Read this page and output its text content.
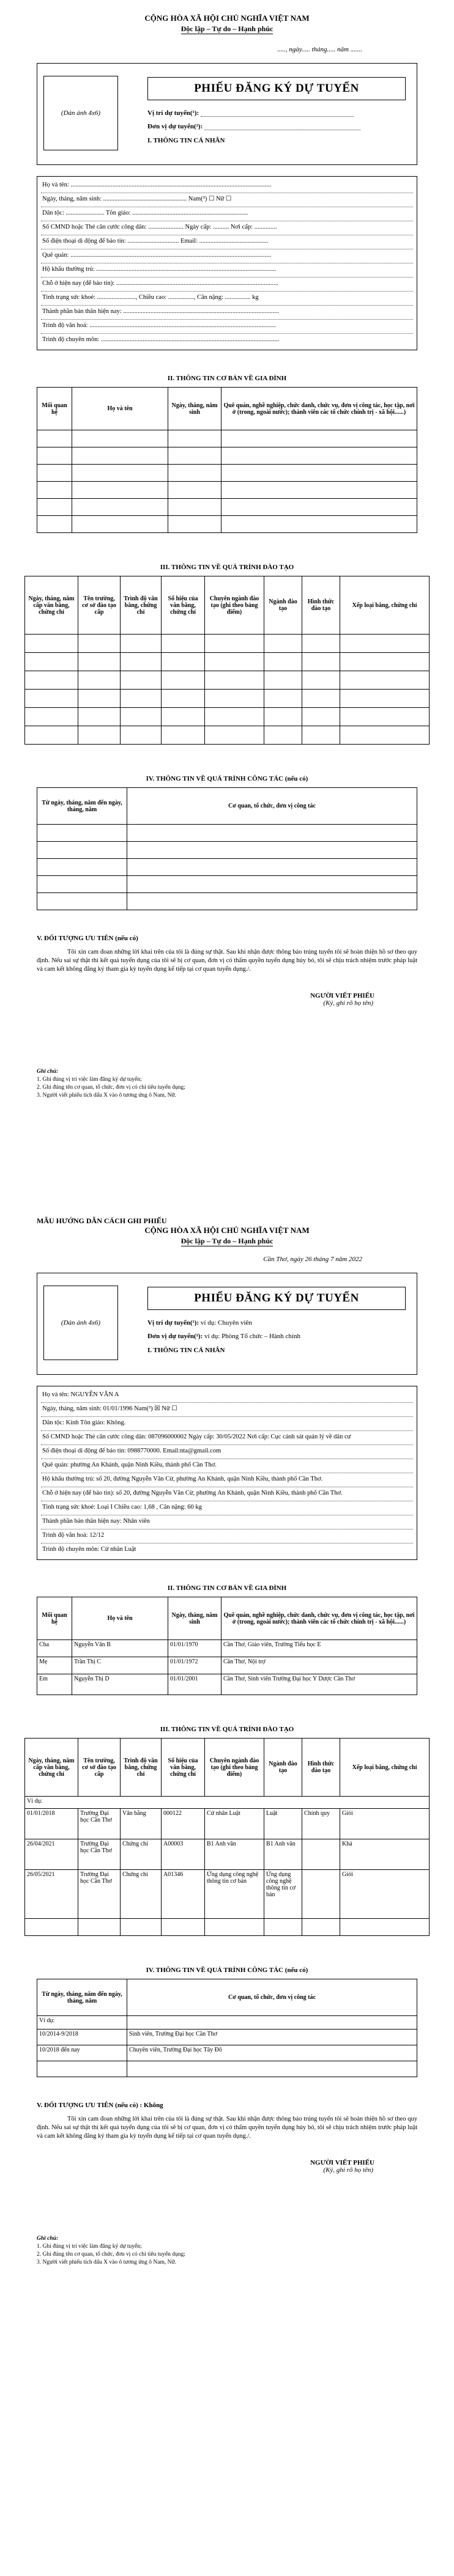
CỘNG HÒA XÃ HỘI CHỦ NGHĨA VIỆT NAM
Độc lập – Tự do – Hạnh phúc
....., ngày..... tháng..... năm .......
(Dán ảnh 4x6)
PHIẾU ĐĂNG KÝ DỰ TUYỂN
Vị trí dự tuyển(¹):
Đơn vị dự tuyển(²):
I. THÔNG TIN CÁ NHÂN
Họ và tên: .............................................................................................................................
Ngày, tháng, năm sinh: .................................................... Nam(³) ☐ Nữ ☐
Dân tộc: ........................ Tôn giáo: ........................................................................
Số CMND hoặc Thẻ căn cước công dân: ...................... Ngày cấp: .......... Nơi cấp: ..............
Số điện thoại di động để báo tin: ................................ Email: ...........................................
Quê quán: .............................................................................................................................
Hộ khẩu thường trú: ................................................................................................................
Chỗ ở hiện nay (để báo tin): .....................................................................................................
Tình trạng sức khoẻ: ........................, Chiều cao: ................, Cân nặng: ................ kg
Thành phần bản thân hiện nay: .................................................................................................
Trình độ văn hoá: ....................................................................................................................
Trình độ chuyên môn: ...............................................................................................................
II. THÔNG TIN CƠ BẢN VỀ GIA ĐÌNH
Mối quan hệ	Họ và tên	Ngày, tháng, năm sinh	Quê quán, nghề nghiệp, chức danh, chức vụ, đơn vị công tác, học tập, nơi ở (trong, ngoài nước); thành viên các tổ chức chính trị - xã hội......)

III. THÔNG TIN VỀ QUÁ TRÌNH ĐÀO TẠO
Ngày, tháng, năm cấp văn bằng, chứng chỉ	Tên trường, cơ sở đào tạo cấp	Trình độ văn bằng, chứng chỉ	Số hiệu của văn bằng, chứng chỉ	Chuyên ngành đào tạo (ghi theo bảng điểm)	Ngành đào tạo	Hình thức đào tạo	Xếp loại bằng, chứng chỉ

IV. THÔNG TIN VỀ QUÁ TRÌNH CÔNG TÁC (nếu có)
Từ ngày, tháng, năm đến ngày, tháng, năm	Cơ quan, tổ chức, đơn vị công tác

V. ĐỐI TƯỢNG ƯU TIÊN (nếu có)
Tôi xin cam đoan những lời khai trên của tôi là đúng sự thật. Sau khi nhận được thông báo trúng tuyển tôi sẽ hoàn thiện hồ sơ theo quy định. Nếu sai sự thật thì kết quả tuyển dụng của tôi sẽ bị cơ quan, đơn vị có thẩm quyền tuyển dụng hủy bỏ, tôi sẽ chịu trách nhiệm trước pháp luật và cam kết không đăng ký tham gia kỳ tuyển dụng kế tiếp tại cơ quan tuyển dụng./.
NGƯỜI VIẾT PHIẾU
(Ký, ghi rõ họ tên)
Ghi chú:
1. Ghi đúng vị trí việc làm đăng ký dự tuyển;
2. Ghi đúng tên cơ quan, tổ chức, đơn vị có chỉ tiêu tuyển dụng;
3. Người viết phiếu tích dấu X vào ô tương ứng ô Nam, Nữ.
MẪU HƯỚNG DẪN CÁCH GHI PHIẾU
CỘNG HÒA XÃ HỘI CHỦ NGHĨA VIỆT NAM
Độc lập – Tự do – Hạnh phúc
Cần Thơ, ngày 26 tháng 7 năm 2022
(Dán ảnh 4x6)
PHIẾU ĐĂNG KÝ DỰ TUYỂN
Vị trí dự tuyển(¹): ví dụ: Chuyên viên
Đơn vị dự tuyển(²): ví dụ: Phòng Tổ chức – Hành chính
I. THÔNG TIN CÁ NHÂN
Họ và tên: NGUYỄN VĂN A
Ngày, tháng, năm sinh: 01/01/1996 Nam(³) ☒ Nữ ☐
Dân tộc: Kinh Tôn giáo: Không.
Số CMND hoặc Thẻ căn cước công dân: 087096000002 Ngày cấp: 30/05/2022 Nơi cấp: Cục cảnh sát quản lý về dân cư
Số điện thoại di động để báo tin: 0988770000. Email:nta@gmail.com
Quê quán: phường An Khánh, quận Ninh Kiều, thành phố Cần Thơ.
Hộ khẩu thường trú: số 20, đường Nguyễn Văn Cừ, phường An Khánh, quận Ninh Kiều, thành phố Cần Thơ.
Chỗ ở hiện nay (để báo tin): số 20, đường Nguyễn Văn Cừ, phường An Khánh, quận Ninh Kiều, thành phố Cần Thơ.
Tình trạng sức khoẻ: Loại I Chiều cao: 1,68 , Cân nặng: 60 kg
Thành phần bản thân hiện nay: Nhân viên
Trình độ văn hoá: 12/12
Trình độ chuyên môn: Cử nhân Luật
II. THÔNG TIN CƠ BẢN VỀ GIA ĐÌNH
Mối quan hệ	Họ và tên	Ngày, tháng, năm sinh	Quê quán, nghề nghiệp, chức danh, chức vụ, đơn vị công tác, học tập, nơi ở (trong, ngoài nước); thành viên các tổ chức chính trị - xã hội......)
Cha	Nguyễn Văn B	01/01/1970	Cần Thơ, Giáo viên, Trường Tiểu học E
Mẹ	Trần Thị C	01/01/1972	Cần Thơ, Nội trợ
Em	Nguyễn Thị D	01/01/2001	Cần Thơ, Sinh viên Trường Đại học Y Dược Cần Thơ
III. THÔNG TIN VỀ QUÁ TRÌNH ĐÀO TẠO
Ngày, tháng, năm cấp văn bằng, chứng chỉ	Tên trường, cơ sở đào tạo cấp	Trình độ văn bằng, chứng chỉ	Số hiệu của văn bằng, chứng chỉ	Chuyên ngành đào tạo (ghi theo bảng điểm)	Ngành đào tạo	Hình thức đào tạo	Xếp loại bằng, chứng chỉ
Ví dụ:							
01/01/2018	Trường Đại học Cần Thơ	Văn bằng	000122	Cử nhân Luật	Luật	Chính quy	Giỏi
26/04/2021	Trường Đại học Cần Thơ	Chứng chỉ	A00003	B1 Anh văn	B1 Anh văn		Khá
26/05/2021	Trường Đại học Cần Thơ	Chứng chỉ	A01346	Ứng dụng công nghệ thông tin cơ bản	Ứng dụng công nghệ thông tin cơ bản		Giỏi

IV. THÔNG TIN VỀ QUÁ TRÌNH CÔNG TÁC (nếu có)
Từ ngày, tháng, năm đến ngày, tháng, năm	Cơ quan, tổ chức, đơn vị công tác
Ví dụ:	
10/2014-9/2018	Sinh viên, Trường Đại học Cần Thơ
10/2018 đến nay	Chuyên viên, Trường Đại học Tây Đô

V. ĐỐI TƯỢNG ƯU TIÊN (nếu có) : Không
Tôi xin cam đoan những lời khai trên của tôi là đúng sự thật. Sau khi nhận được thông báo trúng tuyển tôi sẽ hoàn thiện hồ sơ theo quy định. Nếu sai sự thật thì kết quả tuyển dụng của tôi sẽ bị cơ quan, đơn vị có thẩm quyền tuyển dụng hủy bỏ, tôi sẽ chịu trách nhiệm trước pháp luật và cam kết không đăng ký tham gia kỳ tuyển dụng kế tiếp tại cơ quan tuyển dụng./.
NGƯỜI VIẾT PHIẾU
(Ký, ghi rõ họ tên)
Ghi chú:
1. Ghi đúng vị trí việc làm đăng ký dự tuyển;
2. Ghi đúng tên cơ quan, tổ chức, đơn vị có chỉ tiêu tuyển dụng;
3. Người viết phiếu tích dấu X vào ô tương ứng ô Nam, Nữ.
